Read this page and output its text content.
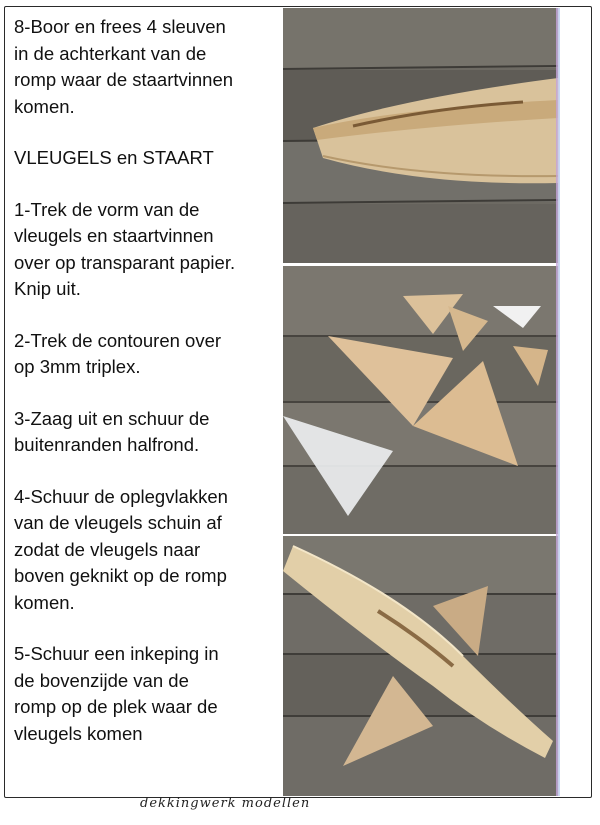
8-Boor en frees 4 sleuven
in de achterkant van de
romp waar de staartvinnen
komen.
VLEUGELS en STAART
1-Trek de vorm van de
vleugels en staartvinnen
over op transparant papier.
Knip uit.
2-Trek de contouren over
op 3mm triplex.
3-Zaag uit en schuur de
buitenranden halfrond.
4-Schuur de oplegvlakken
van de vleugels schuin af
zodat de vleugels naar
boven geknikt op de romp
komen.
5-Schuur een inkeping in
de bovenzijde van de
romp op de plek waar de
vleugels komen
dekkingwerk modellen
